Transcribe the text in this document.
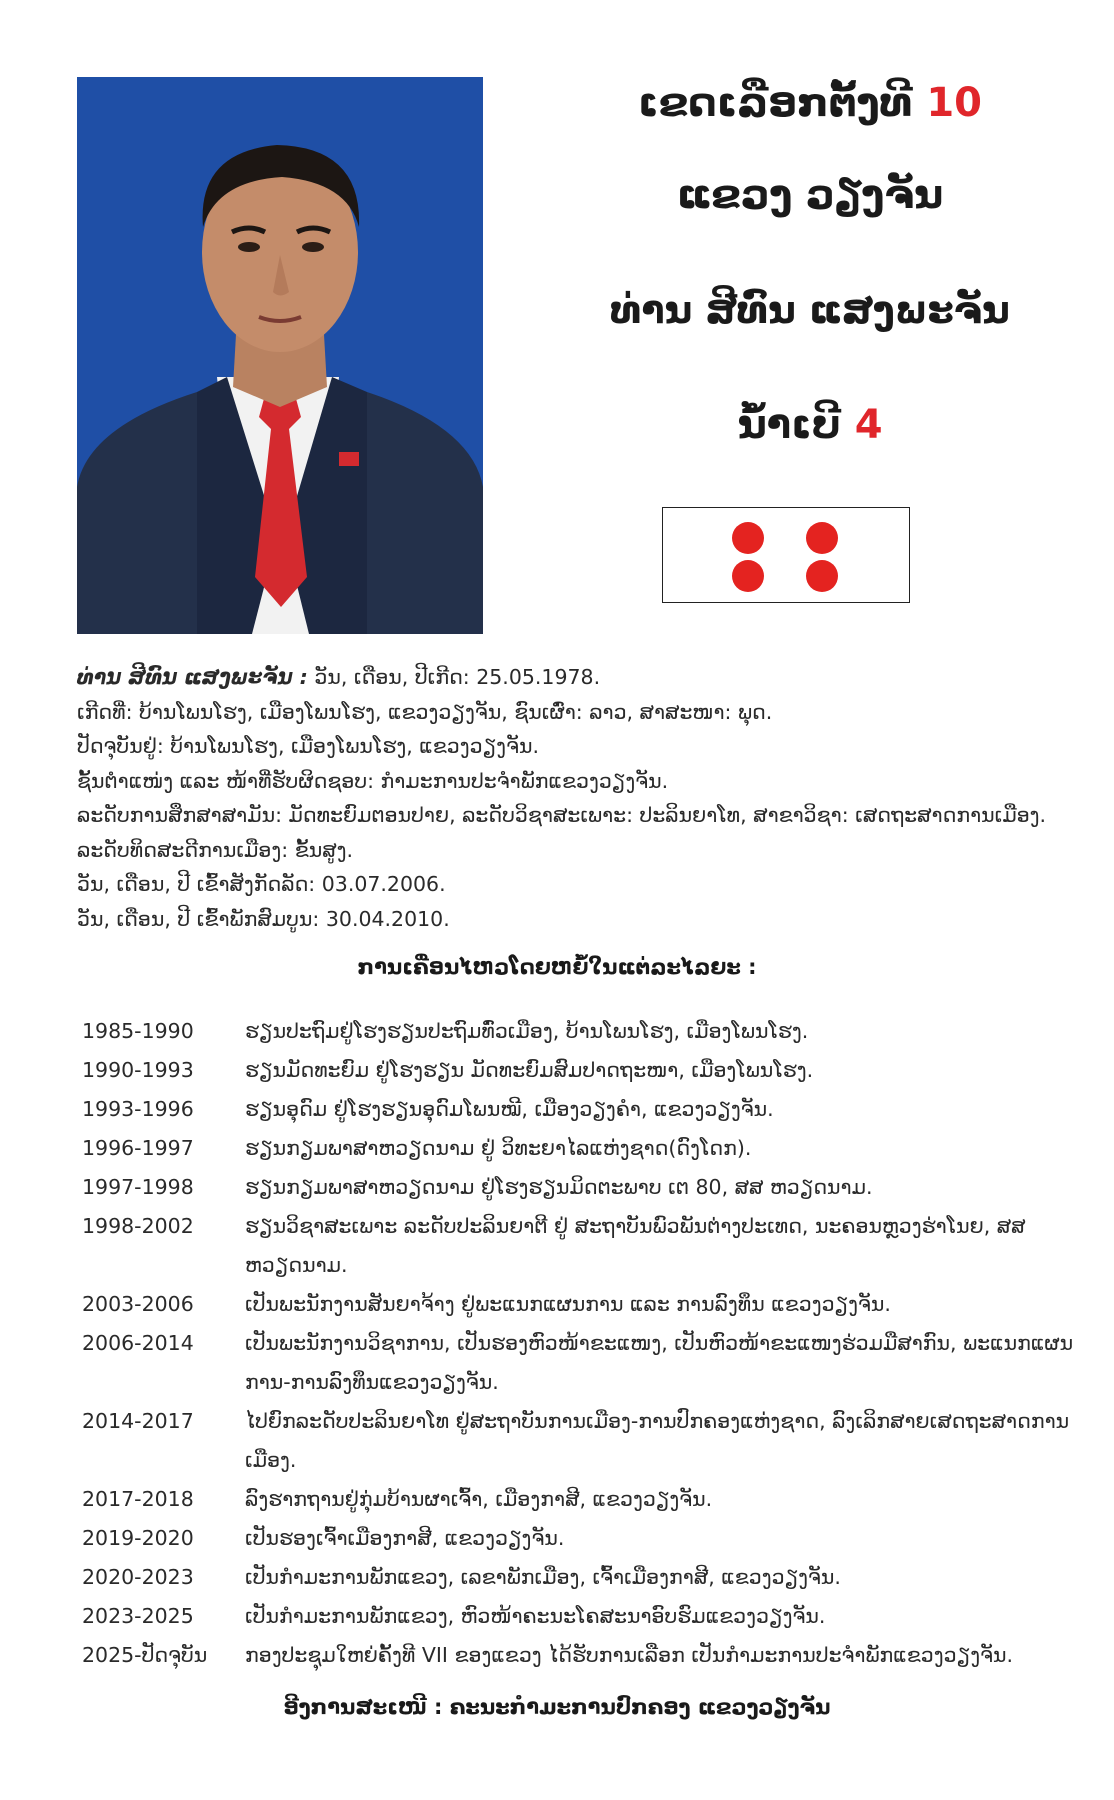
ເຂດເລືອກຕັ້ງທີ 10
ແຂວງ ວຽງຈັນ
ທ່ານ ສີທົນ ແສງພະຈັນ
ນໍ້າເບີ 4
ທ່ານ ສີທົນ ແສງພະຈັນ : ວັນ, ເດືອນ, ປີເກີດ: 25.05.1978.
ເກີດທີ່: ບ້ານໂພນໂຮງ, ເມືອງໂພນໂຮງ, ແຂວງວຽງຈັນ, ຊົນເຜົ່າ: ລາວ, ສາສະໜາ: ພຸດ.
ປັດຈຸບັນຢູ່: ບ້ານໂພນໂຮງ, ເມືອງໂພນໂຮງ, ແຂວງວຽງຈັນ.
ຊັ້ນຕໍາແໜ່ງ ແລະ ໜ້າທີ່ຮັບຜິດຊອບ: ກໍາມະການປະຈໍາພັກແຂວງວຽງຈັນ.
ລະດັບການສຶກສາສາມັນ: ມັດທະຍົມຕອນປາຍ, ລະດັບວິຊາສະເພາະ: ປະລິນຍາໂທ, ສາຂາວິຊາ: ເສດຖະສາດການເມືອງ.
ລະດັບທິດສະດີການເມືອງ: ຂັ້ນສູງ.
ວັນ, ເດືອນ, ປີ ເຂົ້າສັງກັດລັດ: 03.07.2006.
ວັນ, ເດືອນ, ປີ ເຂົ້າພັກສົມບູນ: 30.04.2010.
ການເຄື່ອນໄຫວໂດຍຫຍໍ້ໃນແຕ່ລະໄລຍະ :
1985-1990	ຮຽນປະຖົມຢູ່ໂຮງຮຽນປະຖົມທົ່ວເມືອງ, ບ້ານໂພນໂຮງ, ເມືອງໂພນໂຮງ.
1990-1993	ຮຽນມັດທະຍົມ ຢູ່ໂຮງຮຽນ ມັດທະຍົມສົມປາດຖະໜາ, ເມືອງໂພນໂຮງ.
1993-1996	ຮຽນອຸດົມ ຢູ່ໂຮງຮຽນອຸດົມໂພນໝີ, ເມືອງວຽງຄໍາ, ແຂວງວຽງຈັນ.
1996-1997	ຮຽນກຽມພາສາຫວຽດນາມ ຢູ່ ວິທະຍາໄລແຫ່ງຊາດ(ດົງໂດກ).
1997-1998	ຮຽນກຽມພາສາຫວຽດນາມ ຢູ່ໂຮງຮຽນມິດຕະພາບ ເຕ 80, ສສ ຫວຽດນາມ.
1998-2002	ຮຽນວິຊາສະເພາະ ລະດັບປະລິນຍາຕີ ຢູ່ ສະຖາບັນພົວພັນຕ່າງປະເທດ, ນະຄອນຫຼວງຮ່າໂນຍ, ສສ ຫວຽດນາມ.
2003-2006	ເປັນພະນັກງານສັນຍາຈ້າງ ຢູ່ພະແນກແຜນການ ແລະ ການລົງທຶນ ແຂວງວຽງຈັນ.
2006-2014	ເປັນພະນັກງານວິຊາການ, ເປັນຮອງຫົວໜ້າຂະແໜງ, ເປັນຫົວໜ້າຂະແໜງຮ່ວມມືສາກົນ, ພະແນກແຜນ ການ-ການລົງທຶນແຂວງວຽງຈັນ.
2014-2017	ໄປຍົກລະດັບປະລິນຍາໂທ ຢູ່ສະຖາບັນການເມືອງ-ການປົກຄອງແຫ່ງຊາດ, ລົງເລິກສາຍເສດຖະສາດການເມືອງ.
2017-2018	ລົງຮາກຖານຢູ່ກຸ່ມບ້ານຜາເຈົ້າ, ເມືອງກາສີ, ແຂວງວຽງຈັນ.
2019-2020	ເປັນຮອງເຈົ້າເມືອງກາສີ, ແຂວງວຽງຈັນ.
2020-2023	ເປັນກໍາມະການພັກແຂວງ, ເລຂາພັກເມືອງ, ເຈົ້າເມືອງກາສີ, ແຂວງວຽງຈັນ.
2023-2025	ເປັນກໍາມະການພັກແຂວງ, ຫົວໜ້າຄະນະໂຄສະນາອົບຮົມແຂວງວຽງຈັນ.
2025-ປັດຈຸບັນ	ກອງປະຊຸມໃຫຍ່ຄັ້ງທີ VII ຂອງແຂວງ ໄດ້ຮັບການເລືອກ ເປັນກໍາມະການປະຈໍາພັກແຂວງວຽງຈັນ.
ອີງການສະເໜີ : ຄະນະກໍາມະການປົກຄອງ ແຂວງວຽງຈັນ
